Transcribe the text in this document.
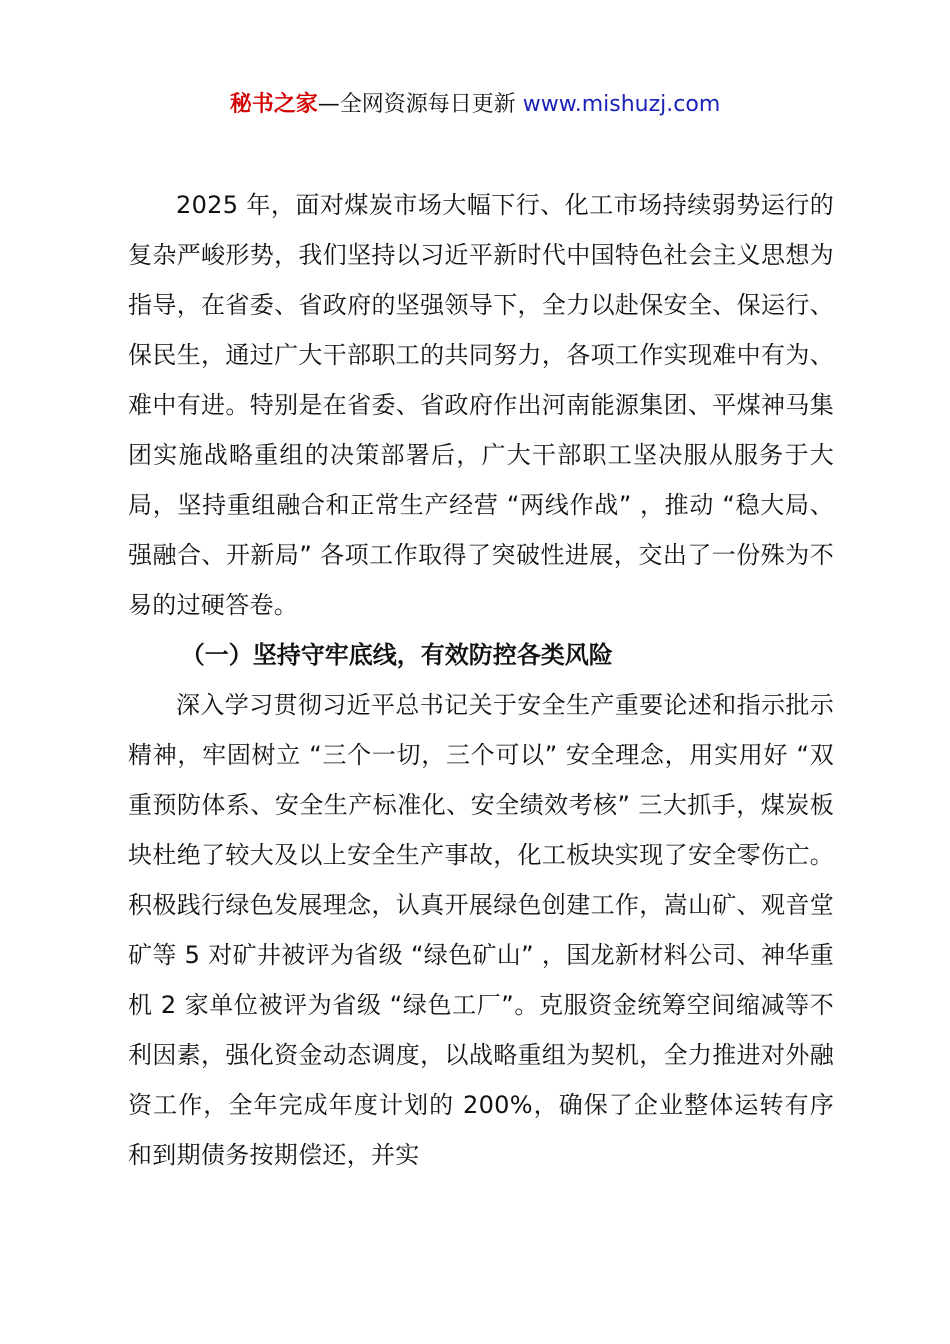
秘书之家—全网资源每日更新 www.mishuzj.com

2025 年，面对煤炭市场大幅下行、化工市场持续弱势运行的复杂严峻形势，我们坚持以习近平新时代中国特色社会主义思想为指导，在省委、省政府的坚强领导下，全力以赴保安全、保运行、保民生，通过广大干部职工的共同努力，各项工作实现难中有为、难中有进。特别是在省委、省政府作出河南能源集团、平煤神马集团实施战略重组的决策部署后，广大干部职工坚决服从服务于大局，坚持重组融合和正常生产经营 “两线作战” ，推动 “稳大局、强融合、开新局” 各项工作取得了突破性进展，交出了一份殊为不易的过硬答卷。

（一）坚持守牢底线，有效防控各类风险

深入学习贯彻习近平总书记关于安全生产重要论述和指示批示精神，牢固树立 “三个一切，三个可以” 安全理念，用实用好 “双重预防体系、安全生产标准化、安全绩效考核” 三大抓手，煤炭板块杜绝了较大及以上安全生产事故，化工板块实现了安全零伤亡。积极践行绿色发展理念，认真开展绿色创建工作，嵩山矿、观音堂矿等 5 对矿井被评为省级 “绿色矿山” ，国龙新材料公司、神华重机 2 家单位被评为省级 “绿色工厂”。克服资金统筹空间缩减等不利因素，强化资金动态调度，以战略重组为契机，全力推进对外融资工作，全年完成年度计划的 200%，确保了企业整体运转有序和到期债务按期偿还，并实
